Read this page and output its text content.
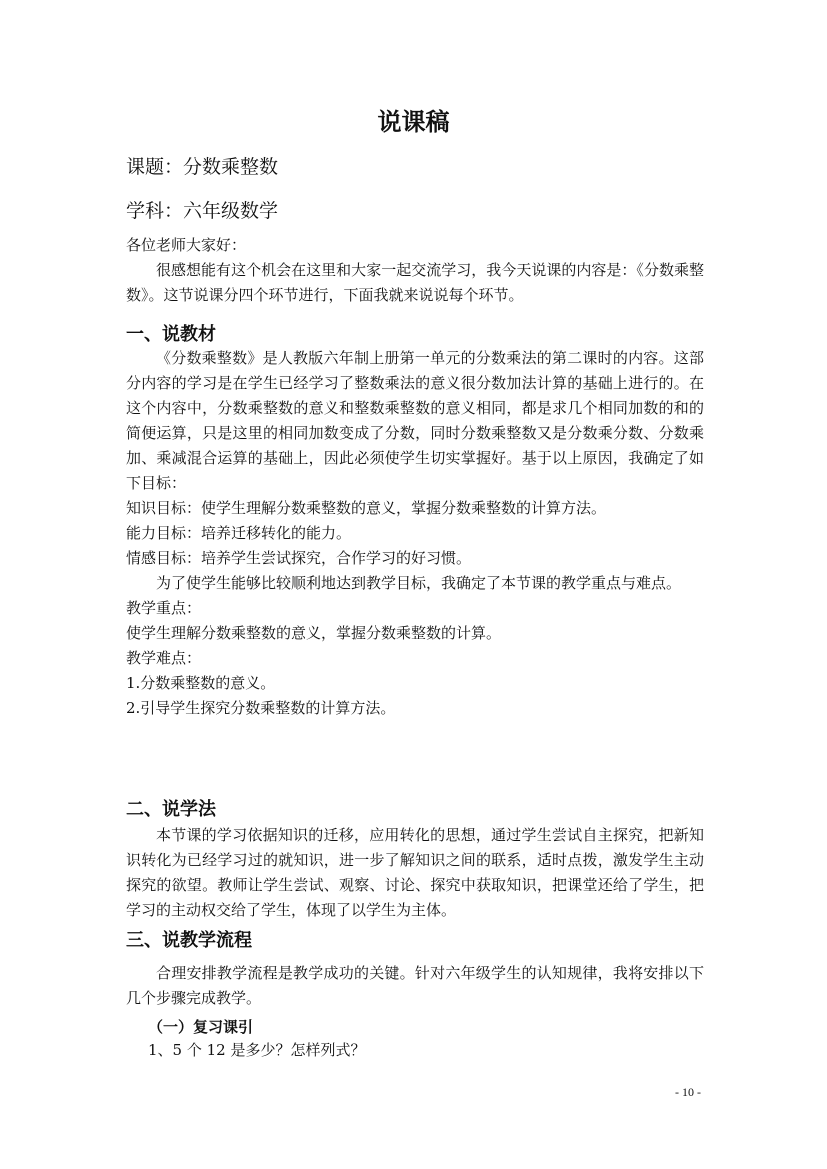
说课稿
课题：分数乘整数
学科：六年级数学

各位老师大家好：

很感想能有这个机会在这里和大家一起交流学习，我今天说课的内容是：《分数乘整数》。这节说课分四个环节进行，下面我就来说说每个环节。

一、说教材

《分数乘整数》是人教版六年制上册第一单元的分数乘法的第二课时的内容。这部分内容的学习是在学生已经学习了整数乘法的意义很分数加法计算的基础上进行的。在这个内容中，分数乘整数的意义和整数乘整数的意义相同，都是求几个相同加数的和的简便运算，只是这里的相同加数变成了分数，同时分数乘整数又是分数乘分数、分数乘加、乘减混合运算的基础上，因此必须使学生切实掌握好。基于以上原因，我确定了如下目标：

知识目标：使学生理解分数乘整数的意义，掌握分数乘整数的计算方法。

能力目标：培养迁移转化的能力。

情感目标：培养学生尝试探究，合作学习的好习惯。

为了使学生能够比较顺利地达到教学目标，我确定了本节课的教学重点与难点。

教学重点：

使学生理解分数乘整数的意义，掌握分数乘整数的计算。

教学难点：

1.分数乘整数的意义。

2.引导学生探究分数乘整数的计算方法。

二、说学法

本节课的学习依据知识的迁移，应用转化的思想，通过学生尝试自主探究，把新知识转化为已经学习过的就知识，进一步了解知识之间的联系，适时点拨，激发学生主动探究的欲望。教师让学生尝试、观察、讨论、探究中获取知识，把课堂还给了学生，把学习的主动权交给了学生，体现了以学生为主体。

三、说教学流程

合理安排教学流程是教学成功的关键。针对六年级学生的认知规律，我将安排以下几个步骤完成教学。

（一）复习课引
1、5 个 12 是多少？怎样列式？
- 10 -
